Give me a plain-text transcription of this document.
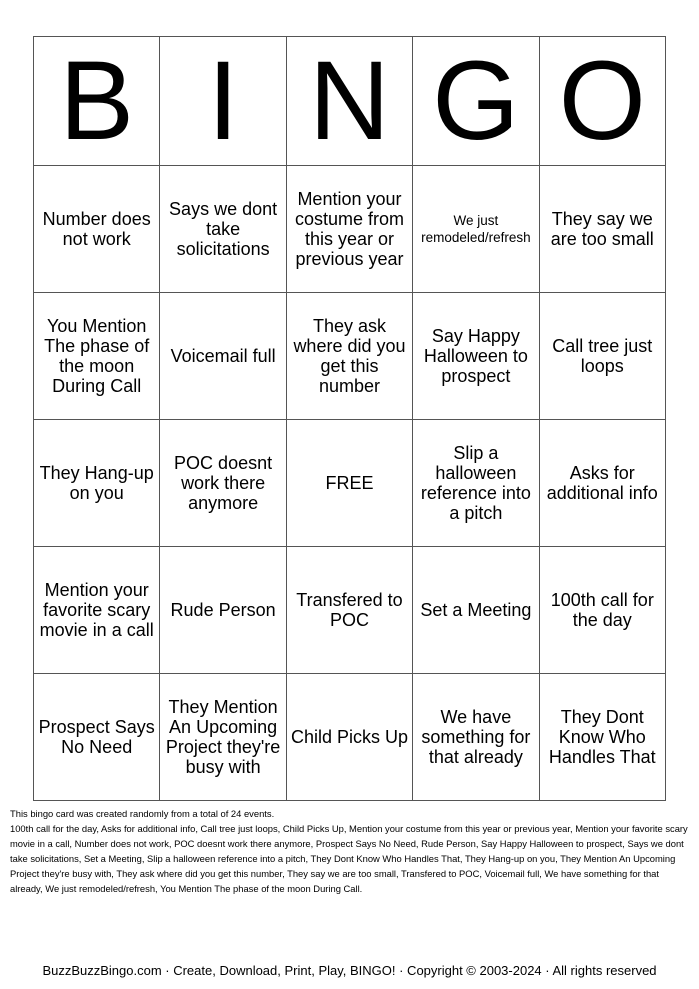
B	I	N	G	O
Number does not work	Says we dont take solicitations	Mention your costume from this year or previous year	We just remodeled/refresh	They say we are too small
You Mention The phase of the moon During Call	Voicemail full	They ask where did you get this number	Say Happy Halloween to prospect	Call tree just loops
They Hang-up on you	POC doesnt work there anymore	FREE	Slip a halloween reference into a pitch	Asks for additional info
Mention your favorite scary movie in a call	Rude Person	Transfered to POC	Set a Meeting	100th call for the day
Prospect Says No Need	They Mention An Upcoming Project they're busy with	Child Picks Up	We have something for that already	They Dont Know Who Handles That
This bingo card was created randomly from a total of 24 events.
100th call for the day, Asks for additional info, Call tree just loops, Child Picks Up, Mention your costume from this year or previous year, Mention your favorite scary movie in a call, Number does not work, POC doesnt work there anymore, Prospect Says No Need, Rude Person, Say Happy Halloween to prospect, Says we dont take solicitations, Set a Meeting, Slip a halloween reference into a pitch, They Dont Know Who Handles That, They Hang-up on you, They Mention An Upcoming Project they're busy with, They ask where did you get this number, They say we are too small, Transfered to POC, Voicemail full, We have something for that already, We just remodeled/refresh, You Mention The phase of the moon During Call.
BuzzBuzzBingo.com · Create, Download, Print, Play, BINGO! · Copyright © 2003-2024 · All rights reserved
